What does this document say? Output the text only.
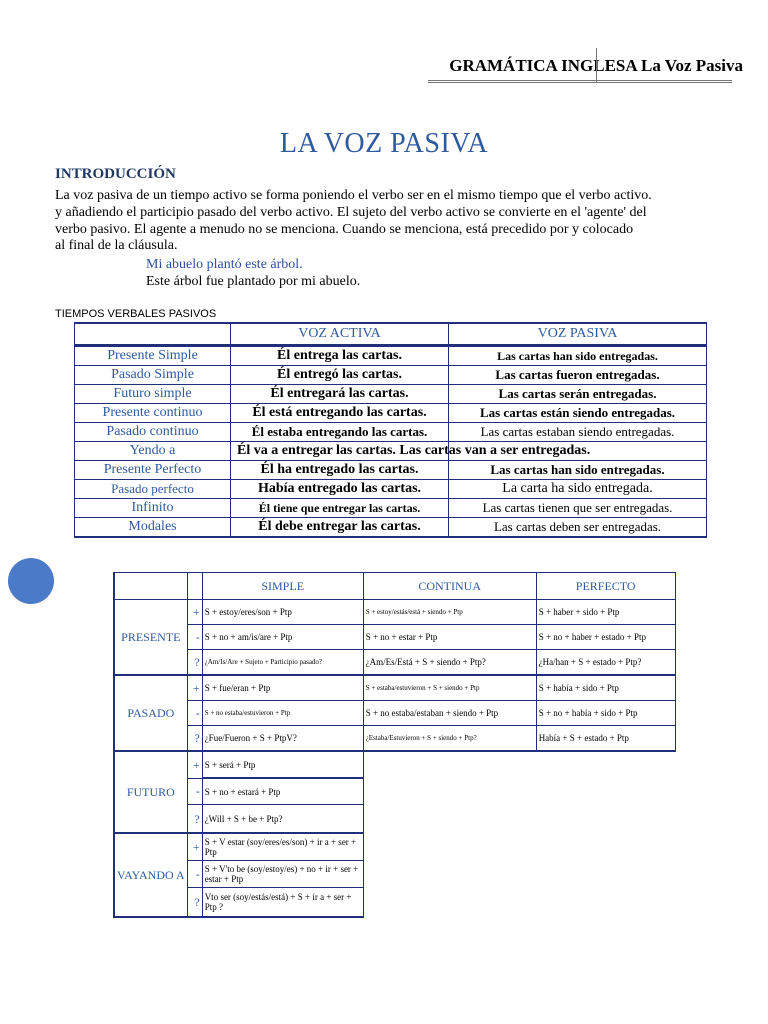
GRAMÁTICA INGLESA La Voz Pasiva
LA VOZ PASIVA
INTRODUCCIÓN
La voz pasiva de un tiempo activo se forma poniendo el verbo ser en el mismo tiempo que el verbo activo.
y añadiendo el participio pasado del verbo activo. El sujeto del verbo activo se convierte en el 'agente' del
verbo pasivo. El agente a menudo no se menciona. Cuando se menciona, está precedido por y colocado
al final de la cláusula.
Mi abuelo plantó este árbol.
Este árbol fue plantado por mi abuelo.
TIEMPOS VERBALES PASIVOS
	VOZ ACTIVA	VOZ PASIVA
Presente Simple	Él entrega las cartas.	Las cartas han sido entregadas.
Pasado Simple	Él entregó las cartas.	Las cartas fueron entregadas.
Futuro simple	Él entregará las cartas.	Las cartas serán entregadas.
Presente continuo	Él está entregando las cartas.	Las cartas están siendo entregadas.
Pasado continuo	Él estaba entregando las cartas.	Las cartas estaban siendo entregadas.
Yendo a	Él va a entregar las cartas. Las cartas van a ser entregadas.	
Presente Perfecto	Él ha entregado las cartas.	Las cartas han sido entregadas.
Pasado perfecto	Había entregado las cartas.	La carta ha sido entregada.
Infinito	Él tiene que entregar las cartas.	Las cartas tienen que ser entregadas.
Modales	Él debe entregar las cartas.	Las cartas deben ser entregadas.
1
			SIMPLE	CONTINUA	PERFECTO
PRESENTE	+	S + estoy/eres/son + Ptp	S + estoy/estás/está + siendo + Ptp	S + haber + sido + Ptp
	-	S + no + am/is/are + Ptp	S + no + estar + Ptp	S + no + haber + estado + Ptp
	?	¿Am/Is/Are + Sujeto + Participio pasado?	¿Am/Es/Está + S + siendo + Ptp?	¿Ha/han + S + estado + Ptp?
PASADO	+	S + fue/eran + Ptp	S + estaba/estuvieron + S + siendo + Ptp	S + había + sido + Ptp
	-	S + no estaba/estuvieron + Ptp	S + no estaba/estaban + siendo + Ptp	S + no + había + sido + Ptp
	?	¿Fue/Fueron + S + PtpV?	¿Estaba/Estuvieron + S + siendo + Ptp?	Había + S + estado + Ptp
FUTURO	+	S + será + Ptp		
	-	S + no + estará + Ptp		
	?	¿Will + S + be + Ptp?		
VAYANDO A	+	S + V estar (soy/eres/es/son) + ir a + ser + Ptp		
	-	S + V'to be (soy/estoy/es) + no + ir + ser + estar + Ptp		
	?	Vto ser (soy/estás/está) + S + ir a + ser + Ptp ?		
